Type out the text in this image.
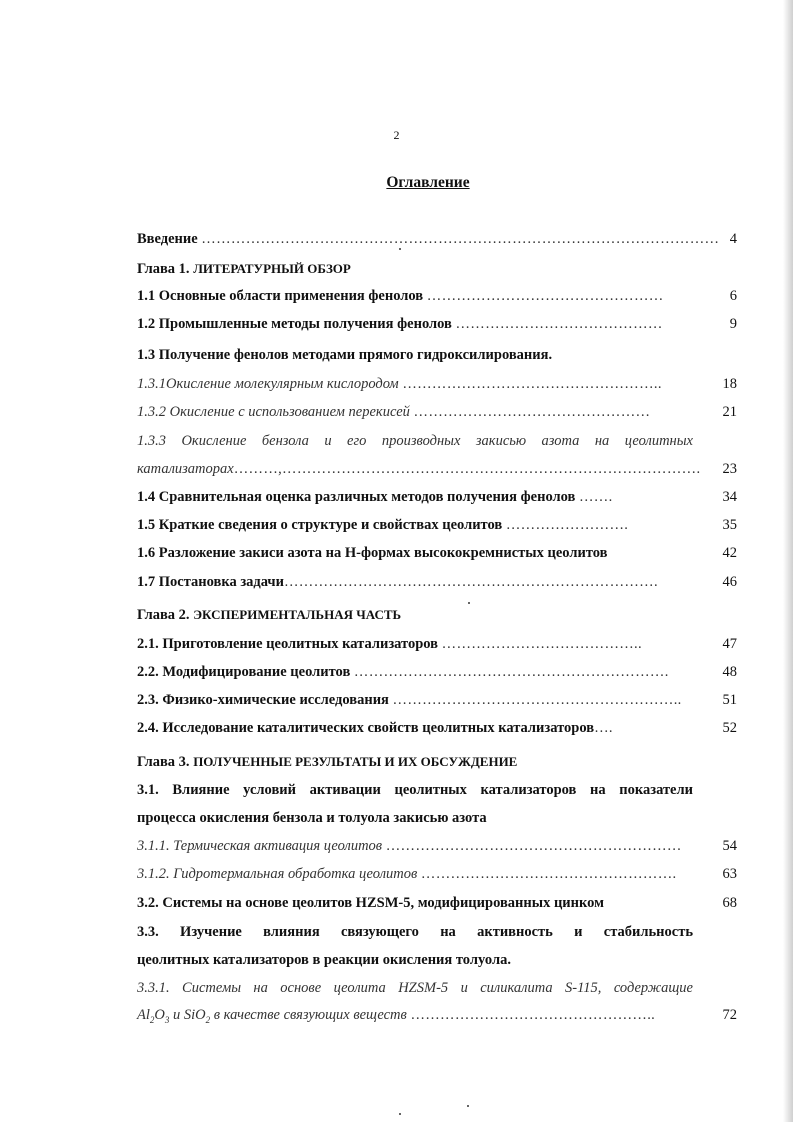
2
Оглавление
Введение …………………………………………………………………………………………… 4
Глава 1. ЛИТЕРАТУРНЫЙ ОБЗОР
1.1 Основные области применения фенолов …………………………………………	6
1.2 Промышленные методы получения фенолов ……………………………………	9
1.3 Получение фенолов методами прямого гидроксилирования.
1.3.1Окисление молекулярным кислородом ……………………………………………..	18
1.3.2 Окисление с использованием перекисей …………………………………………	21
1.3.3 Окисление бензола и его производных закисью азота на цеолитных
катализаторах………,…………………………………………………………………………. 23
1.4 Сравнительная оценка различных методов получения фенолов …….	34
1.5 Краткие сведения о структуре и свойствах цеолитов …………………….	35
1.6 Разложение закиси азота на Н-формах высококремнистых цеолитов	42
1.7 Постановка задачи………………………………………………………………….	46
Глава 2. ЭКСПЕРИМЕНТАЛЬНАЯ ЧАСТЬ
2.1. Приготовление цеолитных катализаторов …………………………………..	47
2.2. Модифицирование цеолитов ……………………………………………………….	48
2.3. Физико-химические исследования …………………………………………………..	51
2.4. Исследование каталитических свойств цеолитных катализаторов….	52
Глава 3. ПОЛУЧЕННЫЕ РЕЗУЛЬТАТЫ И ИХ ОБСУЖДЕНИЕ
3.1. Влияние условий активации цеолитных катализаторов на показатели
процесса окисления бензола и толуола закисью азота
3.1.1. Термическая активация цеолитов ……………………………………………………	54
3.1.2. Гидротермальная обработка цеолитов …………………………………………….	63
3.2. Системы на основе цеолитов HZSM-5, модифицированных цинком	68
3.3. Изучение влияния связующего на активность и стабильность
цеолитных катализаторов в реакции окисления толуола.
3.3.1. Системы на основе цеолита HZSM-5 и силикалита S-115, содержащие
$Al_2O_3$ и SiO$_2$ в качестве связующих веществ …………………………………………..	72
